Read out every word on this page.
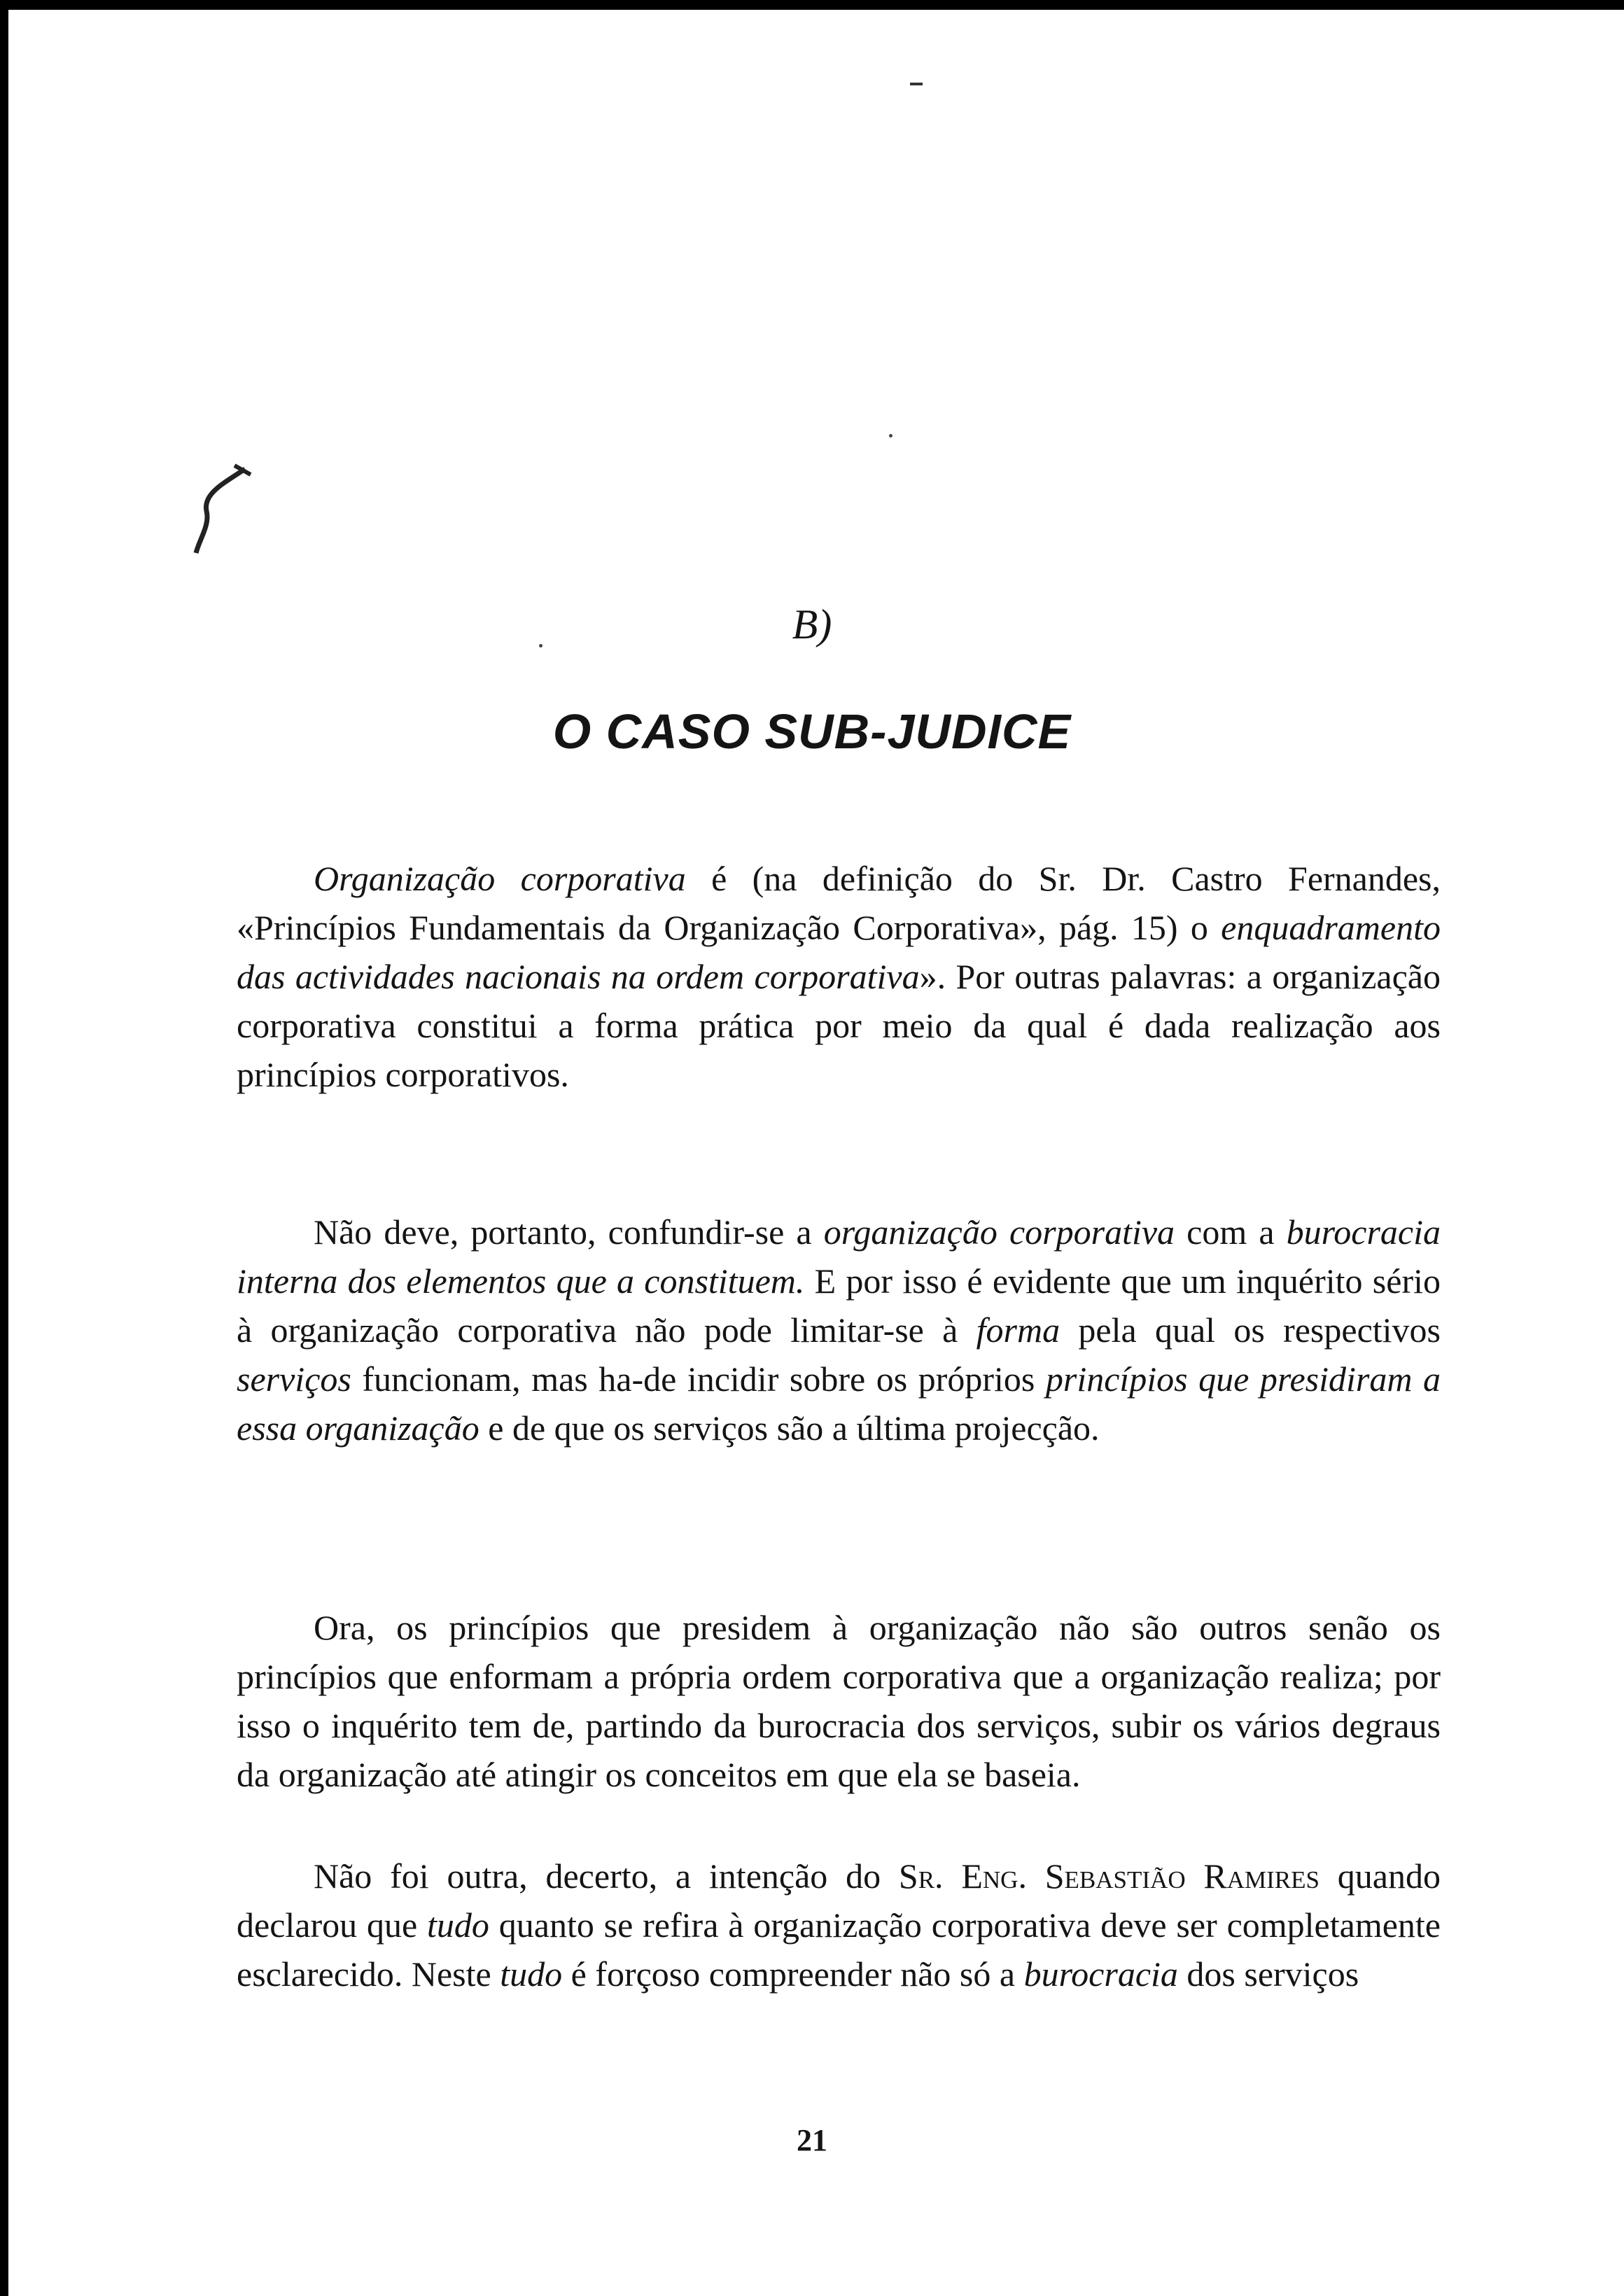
B)
O CASO SUB-JUDICE

Organização corporativa é (na definição do Sr. Dr. Castro Fernandes, «Princípios Fundamentais da Organização Corporativa», pág. 15) o enquadramento das actividades nacionais na ordem corporativa». Por outras palavras: a organização corporativa constitui a forma prática por meio da qual é dada realização aos princípios corporativos.

Não deve, portanto, confundir-se a organização corporativa com a burocracia interna dos elementos que a constituem. E por isso é evidente que um inquérito sério à organização corporativa não pode limitar-se à forma pela qual os respectivos serviços funcionam, mas ha-de incidir sobre os próprios princípios que presidiram a essa organização e de que os serviços são a última projecção.

Ora, os princípios que presidem à organização não são outros senão os princípios que enformam a própria ordem corporativa que a organização realiza; por isso o inquérito tem de, partindo da burocracia dos serviços, subir os vários degraus da organização até atingir os conceitos em que ela se baseia.

Não foi outra, decerto, a intenção do Sr. Eng. Sebastião Ramires quando declarou que tudo quanto se refira à organização corporativa deve ser completamente esclarecido. Neste tudo é forçoso compreender não só a burocracia dos serviços

21
